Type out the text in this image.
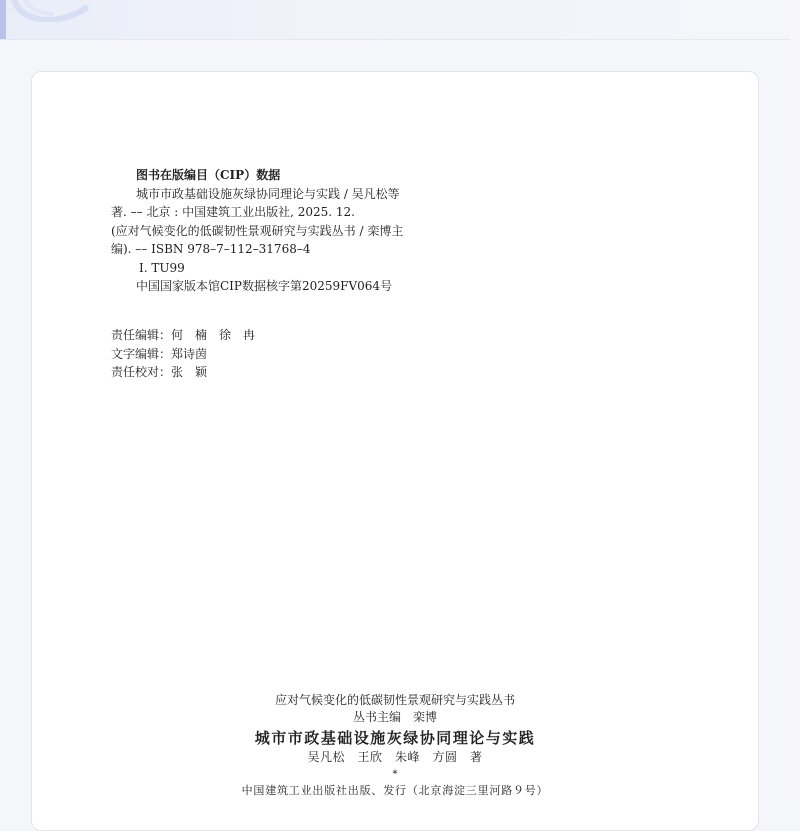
图书在版编目（CIP）数据
城市市政基础设施灰绿协同理论与实践 / 吴凡松等
著. –– 北京 : 中国建筑工业出版社, 2025. 12.
(应对气候变化的低碳韧性景观研究与实践丛书 / 栾博主
编). –– ISBN 978–7–112–31768–4
Ⅰ. TU99
中国国家版本馆CIP数据核字第20259FV064号
责任编辑：何　楠　徐　冉
文字编辑：郑诗茵
责任校对：张　颖
应对气候变化的低碳韧性景观研究与实践丛书
丛书主编　栾博
城市市政基础设施灰绿协同理论与实践
吴凡松　王欣　朱峰　方圆　著
*
中国建筑工业出版社出版、发行（北京海淀三里河路９号）
